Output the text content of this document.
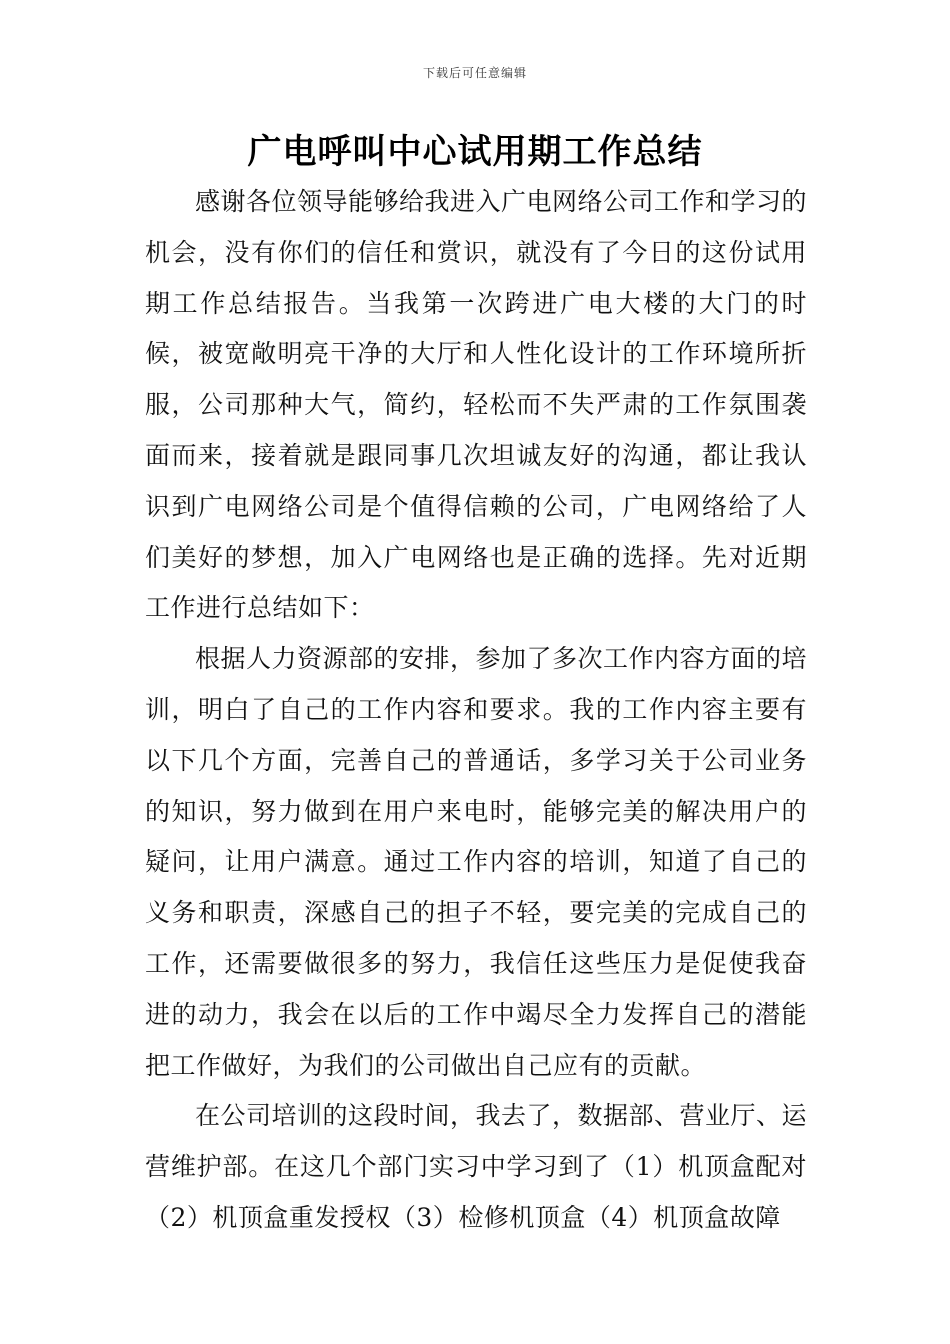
下载后可任意编辑
广电呼叫中心试用期工作总结

感谢各位领导能够给我进入广电网络公司工作和学习的机会，没有你们的信任和赏识，就没有了今日的这份试用期工作总结报告。当我第一次跨进广电大楼的大门的时候，被宽敞明亮干净的大厅和人性化设计的工作环境所折服，公司那种大气，简约，轻松而不失严肃的工作氛围袭面而来，接着就是跟同事几次坦诚友好的沟通，都让我认识到广电网络公司是个值得信赖的公司，广电网络给了人们美好的梦想，加入广电网络也是正确的选择。先对近期工作进行总结如下：

根据人力资源部的安排，参加了多次工作内容方面的培训，明白了自己的工作内容和要求。我的工作内容主要有以下几个方面，完善自己的普通话，多学习关于公司业务的知识，努力做到在用户来电时，能够完美的解决用户的疑问，让用户满意。通过工作内容的培训，知道了自己的义务和职责，深感自己的担子不轻，要完美的完成自己的工作，还需要做很多的努力，我信任这些压力是促使我奋进的动力，我会在以后的工作中竭尽全力发挥自己的潜能把工作做好，为我们的公司做出自己应有的贡献。

在公司培训的这段时间，我去了，数据部、营业厅、运营维护部。在这几个部门实习中学习到了（1）机顶盒配对（2）机顶盒重发授权（3）检修机顶盒（4）机顶盒故障
